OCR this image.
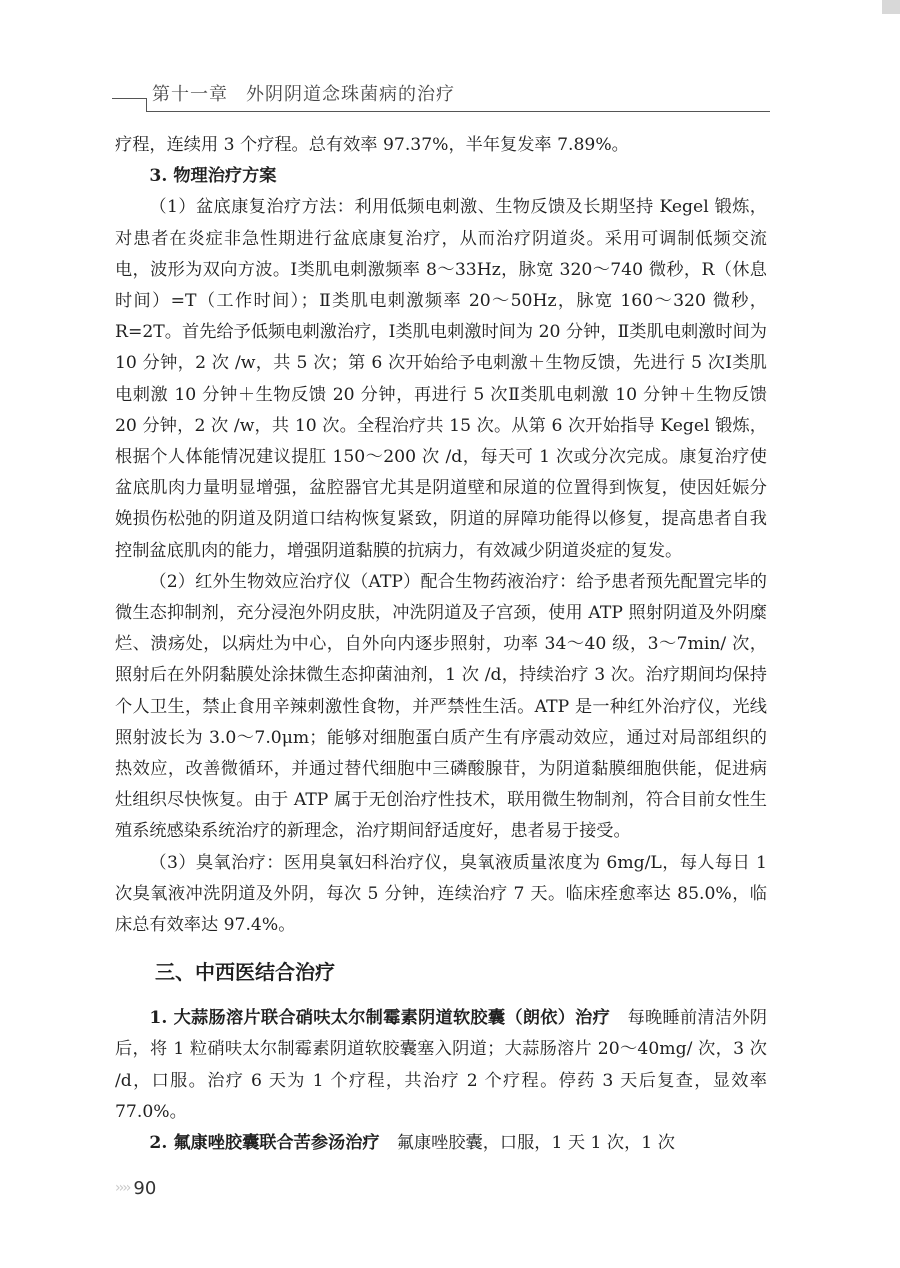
第十一章 外阴阴道念珠菌病的治疗

疗程，连续用 3 个疗程。总有效率 97.37%，半年复发率 7.89%。

3. 物理治疗方案

（1）盆底康复治疗方法：利用低频电刺激、生物反馈及长期坚持 Kegel 锻炼，对患者在炎症非急性期进行盆底康复治疗，从而治疗阴道炎。采用可调制低频交流电，波形为双向方波。Ⅰ类肌电刺激频率 8～33Hz，脉宽 320～740 微秒，R（休息时间）=T（工作时间）；Ⅱ类肌电刺激频率 20～50Hz，脉宽 160～320 微秒，R=2T。首先给予低频电刺激治疗，Ⅰ类肌电刺激时间为 20 分钟，Ⅱ类肌电刺激时间为 10 分钟，2 次 /w，共 5 次；第 6 次开始给予电刺激＋生物反馈，先进行 5 次Ⅰ类肌电刺激 10 分钟＋生物反馈 20 分钟，再进行 5 次Ⅱ类肌电刺激 10 分钟＋生物反馈 20 分钟，2 次 /w，共 10 次。全程治疗共 15 次。从第 6 次开始指导 Kegel 锻炼，根据个人体能情况建议提肛 150～200 次 /d，每天可 1 次或分次完成。康复治疗使盆底肌肉力量明显增强，盆腔器官尤其是阴道壁和尿道的位置得到恢复，使因妊娠分娩损伤松弛的阴道及阴道口结构恢复紧致，阴道的屏障功能得以修复，提高患者自我控制盆底肌肉的能力，增强阴道黏膜的抗病力，有效减少阴道炎症的复发。

（2）红外生物效应治疗仪（ATP）配合生物药液治疗：给予患者预先配置完毕的微生态抑制剂，充分浸泡外阴皮肤，冲洗阴道及子宫颈，使用 ATP 照射阴道及外阴糜烂、溃疡处，以病灶为中心，自外向内逐步照射，功率 34～40 级，3～7min/ 次，照射后在外阴黏膜处涂抹微生态抑菌油剂，1 次 /d，持续治疗 3 次。治疗期间均保持个人卫生，禁止食用辛辣刺激性食物，并严禁性生活。ATP 是一种红外治疗仪，光线照射波长为 3.0～7.0μm；能够对细胞蛋白质产生有序震动效应，通过对局部组织的热效应，改善微循环，并通过替代细胞中三磷酸腺苷，为阴道黏膜细胞供能，促进病灶组织尽快恢复。由于 ATP 属于无创治疗性技术，联用微生物制剂，符合目前女性生殖系统感染系统治疗的新理念，治疗期间舒适度好，患者易于接受。

（3）臭氧治疗：医用臭氧妇科治疗仪，臭氧液质量浓度为 6mg/L，每人每日 1 次臭氧液冲洗阴道及外阴，每次 5 分钟，连续治疗 7 天。临床痊愈率达 85.0%，临床总有效率达 97.4%。

三、中西医结合治疗

1. 大蒜肠溶片联合硝呋太尔制霉素阴道软胶囊（朗依）治疗　 每晚睡前清洁外阴后，将 1 粒硝呋太尔制霉素阴道软胶囊塞入阴道；大蒜肠溶片 20～40mg/ 次，3 次 /d，口服。治疗 6 天为 1 个疗程，共治疗 2 个疗程。停药 3 天后复查，显效率 77.0%。

2. 氟康唑胶囊联合苦参汤治疗　 氟康唑胶囊，口服，1 天 1 次，1 次

›››› 90
